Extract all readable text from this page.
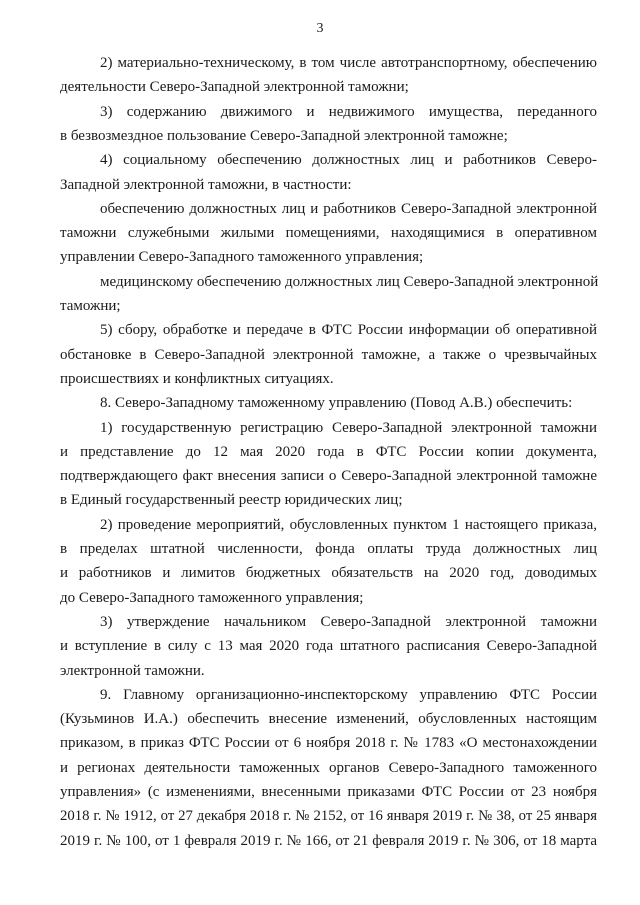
3
2) материально-техническому, в том числе автотранспортному, обеспечению
деятельности Северо-Западной электронной таможни;
3) содержанию движимого и недвижимого имущества, переданного
в безвозмездное пользование Северо-Западной электронной таможне;
4) социальному обеспечению должностных лиц и работников Северо-
Западной электронной таможни, в частности:
обеспечению должностных лиц и работников Северо-Западной электронной
таможни служебными жилыми помещениями, находящимися в оперативном
управлении Северо-Западного таможенного управления;
медицинскому обеспечению должностных лиц Северо-Западной электронной
таможни;
5) сбору, обработке и передаче в ФТС России информации об оперативной
обстановке в Северо-Западной электронной таможне, а также о чрезвычайных
происшествиях и конфликтных ситуациях.
8. Северо-Западному таможенному управлению (Повод А.В.) обеспечить:
1) государственную регистрацию Северо-Западной электронной таможни
и представление до 12 мая 2020 года в ФТС России копии документа,
подтверждающего факт внесения записи о Северо-Западной электронной таможне
в Единый государственный реестр юридических лиц;
2) проведение мероприятий, обусловленных пунктом 1 настоящего приказа,
в пределах штатной численности, фонда оплаты труда должностных лиц
и работников и лимитов бюджетных обязательств на 2020 год, доводимых
до Северо-Западного таможенного управления;
3) утверждение начальником Северо-Западной электронной таможни
и вступление в силу с 13 мая 2020 года штатного расписания Северо-Западной
электронной таможни.
9. Главному организационно-инспекторскому управлению ФТС России
(Кузьминов И.А.) обеспечить внесение изменений, обусловленных настоящим
приказом, в приказ ФТС России от 6 ноября 2018 г. № 1783 «О местонахождении
и регионах деятельности таможенных органов Северо-Западного таможенного
управления» (с изменениями, внесенными приказами ФТС России от 23 ноября
2018 г. № 1912, от 27 декабря 2018 г. № 2152, от 16 января 2019 г. № 38, от 25 января
2019 г. № 100, от 1 февраля 2019 г. № 166, от 21 февраля 2019 г. № 306, от 18 марта
